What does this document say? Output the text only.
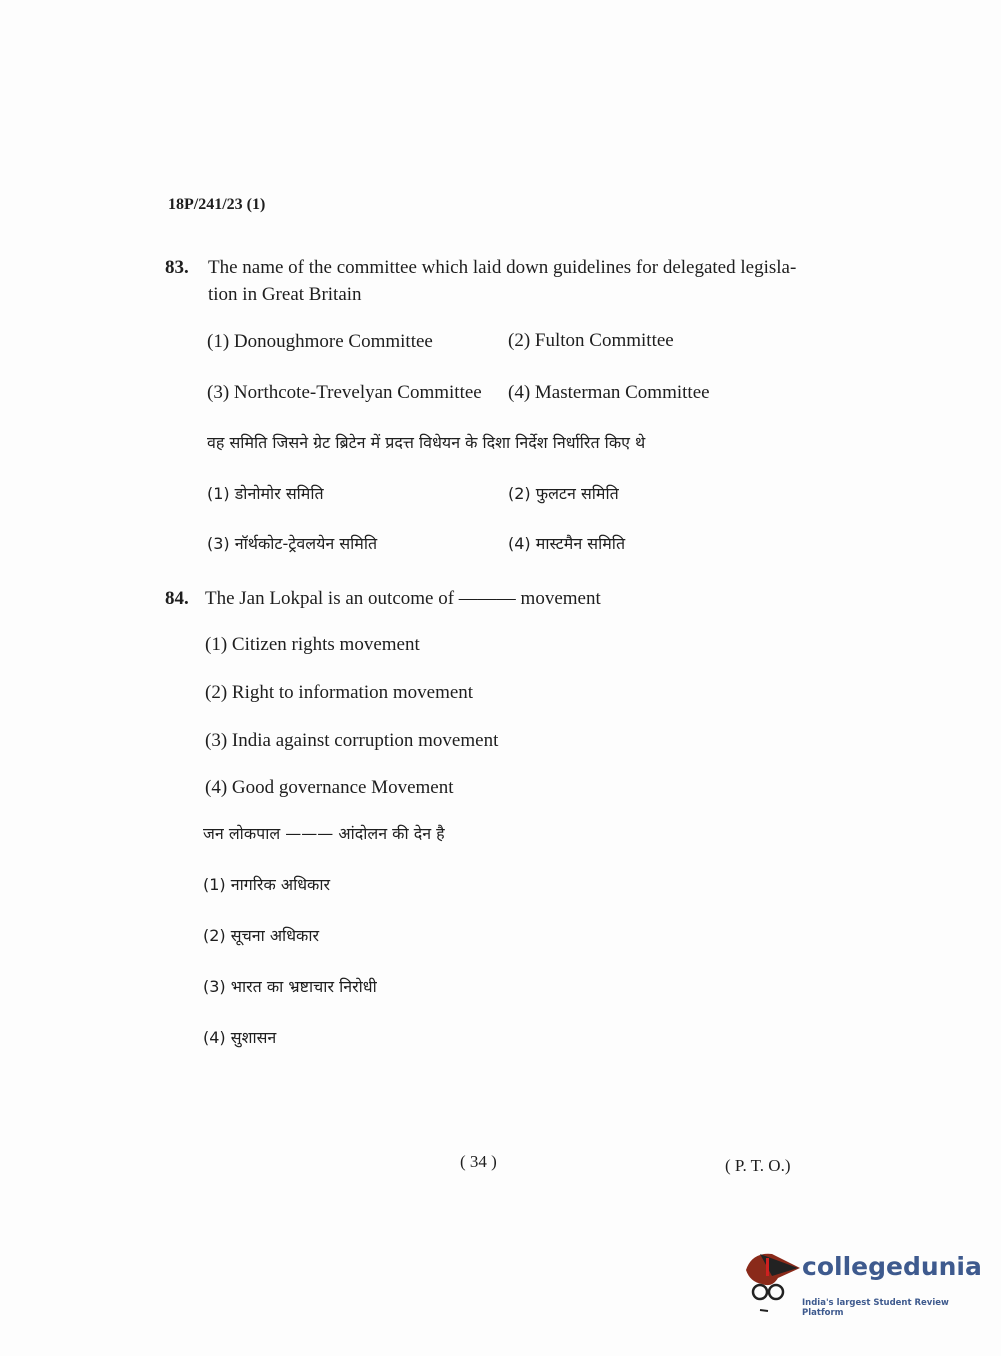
18P/241/23 (1)
83. The name of the committee which laid down guidelines for delegated legisla-
tion in Great Britain
(1) Donoughmore Committee	(2) Fulton Committee
(3) Northcote-Trevelyan Committee (4) Masterman Committee
वह समिति जिसने ग्रेट ब्रिटेन में प्रदत्त विधेयन के दिशा निर्देश निर्धारित किए थे
(1) डोनोमोर समिति	(2) फुलटन समिति
(3) नॉर्थकोट-ट्रेवलयेन समिति	(4) मास्टमैन समिति
84. The Jan Lokpal is an outcome of ——— movement
(1) Citizen rights movement
(2) Right to information movement
(3) India against corruption movement
(4) Good governance Movement
जन लोकपाल ——— आंदोलन की देन है
(1) नागरिक अधिकार
(2) सूचना अधिकार
(3) भारत का भ्रष्टाचार निरोधी
(4) सुशासन
( 34 )	( P. T. O.)
collegedunia
India's largest Student Review Platform
